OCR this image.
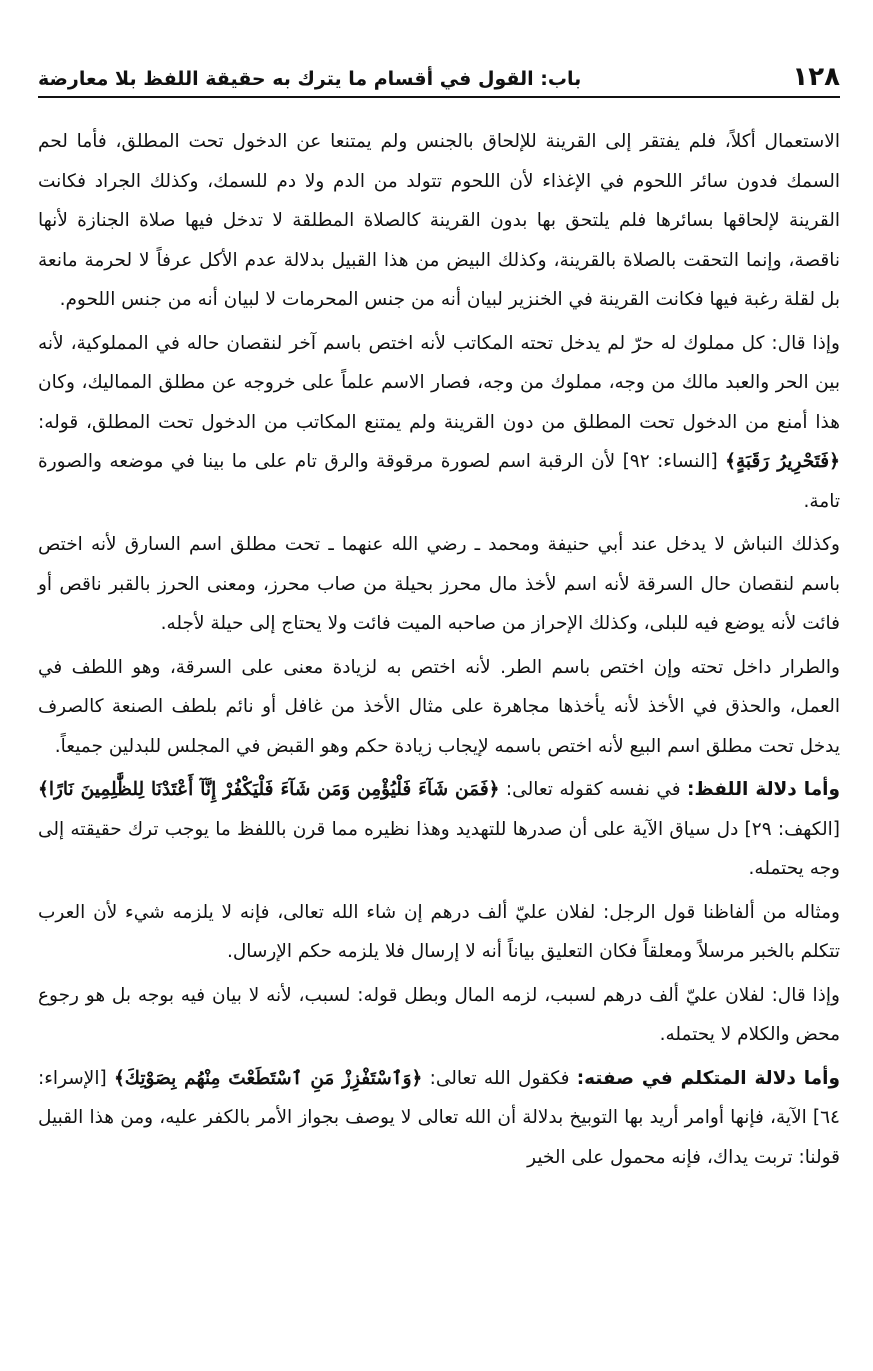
١٢٨
باب: القول في أقسام ما يترك به حقيقة اللفظ بلا معارضة

الاستعمال أكلاً، فلم يفتقر إلى القرينة للإلحاق بالجنس ولم يمتنعا عن الدخول تحت المطلق، فأما لحم السمك فدون سائر اللحوم في الإغذاء لأن اللحوم تتولد من الدم ولا دم للسمك، وكذلك الجراد فكانت القرينة لإلحاقها بسائرها فلم يلتحق بها بدون القرينة كالصلاة المطلقة لا تدخل فيها صلاة الجنازة لأنها ناقصة، وإنما التحقت بالصلاة بالقرينة، وكذلك البيض من هذا القبيل بدلالة عدم الأكل عرفاً لا لحرمة مانعة بل لقلة رغبة فيها فكانت القرينة في الخنزير لبيان أنه من جنس المحرمات لا لبيان أنه من جنس اللحوم.

وإذا قال: كل مملوك له حرّ لم يدخل تحته المكاتب لأنه اختص باسم آخر لنقصان حاله في المملوكية، لأنه بين الحر والعبد مالك من وجه، مملوك من وجه، فصار الاسم علماً على خروجه عن مطلق المماليك، وكان هذا أمنع من الدخول تحت المطلق من دون القرينة ولم يمتنع المكاتب من الدخول تحت المطلق، قوله: ﴿فَتَحْرِيرُ رَقَبَةٍ﴾ [النساء: ٩٢] لأن الرقبة اسم لصورة مرقوقة والرق تام على ما بينا في موضعه والصورة تامة.

وكذلك النباش لا يدخل عند أبي حنيفة ومحمد ـ رضي الله عنهما ـ تحت مطلق اسم السارق لأنه اختص باسم لنقصان حال السرقة لأنه اسم لأخذ مال محرز بحيلة من صاب محرز، ومعنى الحرز بالقبر ناقص أو فائت لأنه يوضع فيه للبلى، وكذلك الإحراز من صاحبه الميت فائت ولا يحتاج إلى حيلة لأجله.

والطرار داخل تحته وإن اختص باسم الطر. لأنه اختص به لزيادة معنى على السرقة، وهو اللطف في العمل، والحذق في الأخذ لأنه يأخذها مجاهرة على مثال الأخذ من غافل أو نائم بلطف الصنعة كالصرف يدخل تحت مطلق اسم البيع لأنه اختص باسمه لإيجاب زيادة حكم وهو القبض في المجلس للبدلين جميعاً.

وأما دلالة اللفظ: في نفسه كقوله تعالى: ﴿فَمَن شَآءَ فَلْيُؤْمِن وَمَن شَآءَ فَلْيَكْفُرْ إِنَّآ أَعْتَدْنَا لِلظَّٰلِمِينَ نَارًا﴾ [الكهف: ٢٩] دل سياق الآية على أن صدرها للتهديد وهذا نظيره مما قرن باللفظ ما يوجب ترك حقيقته إلى وجه يحتمله.

ومثاله من ألفاظنا قول الرجل: لفلان عليّ ألف درهم إن شاء الله تعالى، فإنه لا يلزمه شيء لأن العرب تتكلم بالخبر مرسلاً ومعلقاً فكان التعليق بياناً أنه لا إرسال فلا يلزمه حكم الإرسال.

وإذا قال: لفلان عليّ ألف درهم لسبب، لزمه المال وبطل قوله: لسبب، لأنه لا بيان فيه بوجه بل هو رجوع محض والكلام لا يحتمله.

وأما دلالة المتكلم في صفته: فكقول الله تعالى: ﴿وَٱسْتَفْزِزْ مَنِ ٱسْتَطَعْتَ مِنْهُم بِصَوْتِكَ﴾ [الإسراء: ٦٤] الآية، فإنها أوامر أريد بها التوبيخ بدلالة أن الله تعالى لا يوصف بجواز الأمر بالكفر عليه، ومن هذا القبيل قولنا: تربت يداك، فإنه محمول على الخير
